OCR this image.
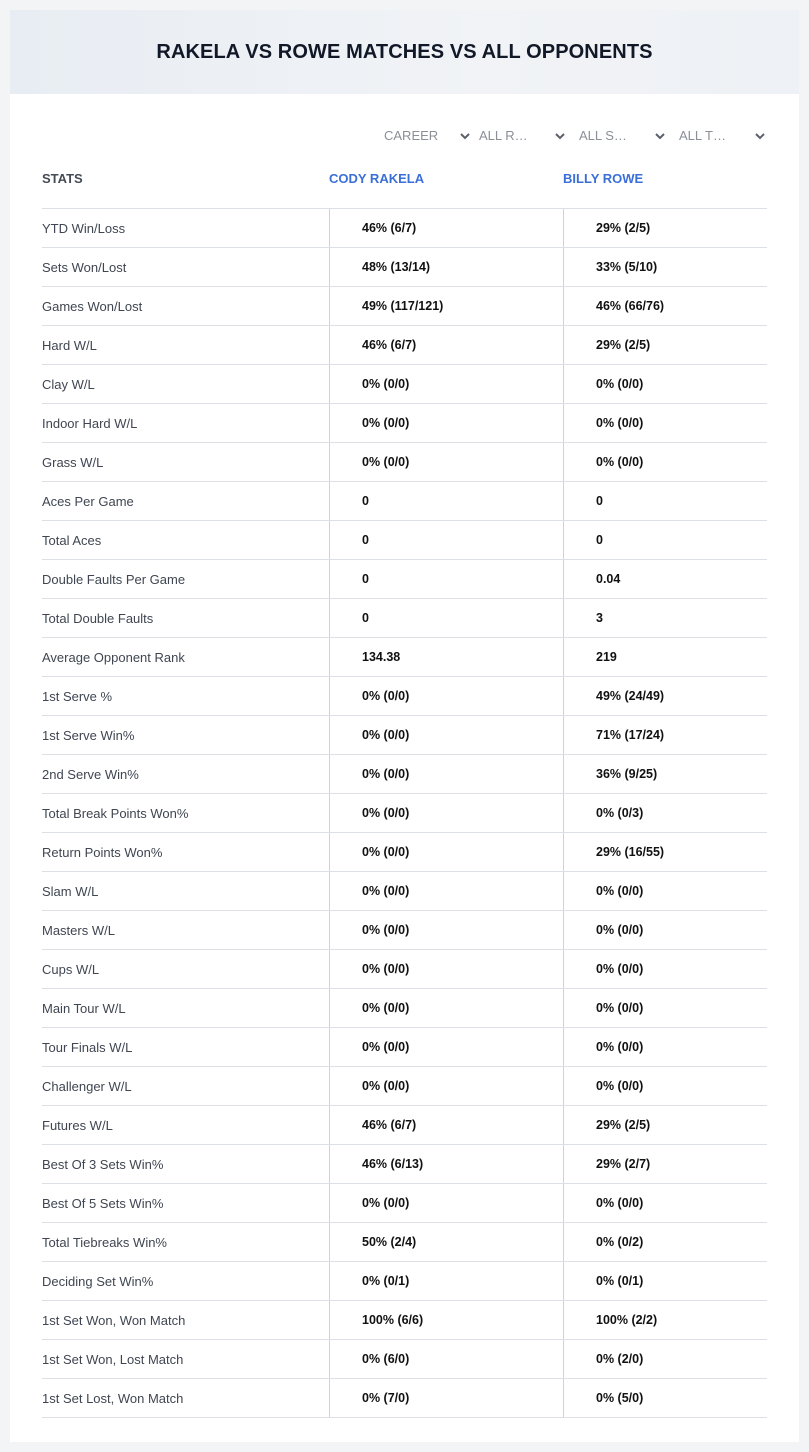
RAKELA VS ROWE MATCHES VS ALL OPPONENTS
CAREER	ALL R…	ALL S…	ALL T…
STATS	CODY RAKELA	BILLY ROWE
YTD Win/Loss	46% (6/7)	29% (2/5)
Sets Won/Lost	48% (13/14)	33% (5/10)
Games Won/Lost	49% (117/121)	46% (66/76)
Hard W/L	46% (6/7)	29% (2/5)
Clay W/L	0% (0/0)	0% (0/0)
Indoor Hard W/L	0% (0/0)	0% (0/0)
Grass W/L	0% (0/0)	0% (0/0)
Aces Per Game	0	0
Total Aces	0	0
Double Faults Per Game	0	0.04
Total Double Faults	0	3
Average Opponent Rank	134.38	219
1st Serve %	0% (0/0)	49% (24/49)
1st Serve Win%	0% (0/0)	71% (17/24)
2nd Serve Win%	0% (0/0)	36% (9/25)
Total Break Points Won%	0% (0/0)	0% (0/3)
Return Points Won%	0% (0/0)	29% (16/55)
Slam W/L	0% (0/0)	0% (0/0)
Masters W/L	0% (0/0)	0% (0/0)
Cups W/L	0% (0/0)	0% (0/0)
Main Tour W/L	0% (0/0)	0% (0/0)
Tour Finals W/L	0% (0/0)	0% (0/0)
Challenger W/L	0% (0/0)	0% (0/0)
Futures W/L	46% (6/7)	29% (2/5)
Best Of 3 Sets Win%	46% (6/13)	29% (2/7)
Best Of 5 Sets Win%	0% (0/0)	0% (0/0)
Total Tiebreaks Win%	50% (2/4)	0% (0/2)
Deciding Set Win%	0% (0/1)	0% (0/1)
1st Set Won, Won Match	100% (6/6)	100% (2/2)
1st Set Won, Lost Match	0% (6/0)	0% (2/0)
1st Set Lost, Won Match	0% (7/0)	0% (5/0)
